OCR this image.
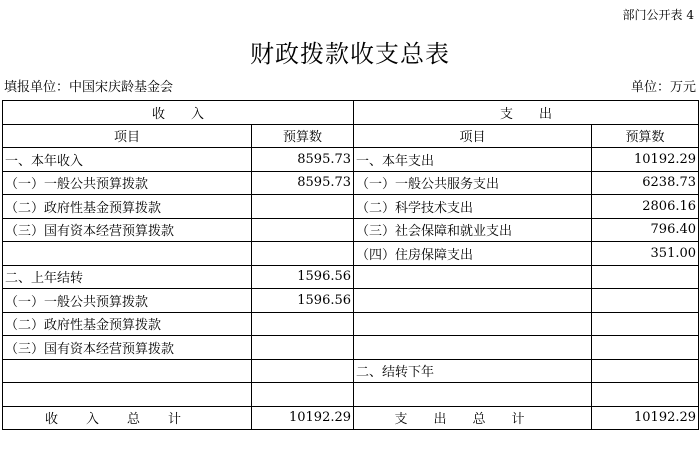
部门公开表 4
财政拨款收支总表
填报单位：中国宋庆龄基金会	单位：万元
收　　入		支　　出	
项目	预算数	项目	预算数
一、本年收入	8595.73	一、本年支出	10192.29
（一）一般公共预算拨款	8595.73	（一）一般公共服务支出	6238.73
（二）政府性基金预算拨款		（二）科学技术支出	2806.16
（三）国有资本经营预算拨款		（三）社会保障和就业支出	796.40
		（四）住房保障支出	351.00
二、上年结转	1596.56		
（一）一般公共预算拨款	1596.56		
（二）政府性基金预算拨款			
（三）国有资本经营预算拨款			
		二、结转下年	

收入总计	10192.29	支出总计	10192.29
